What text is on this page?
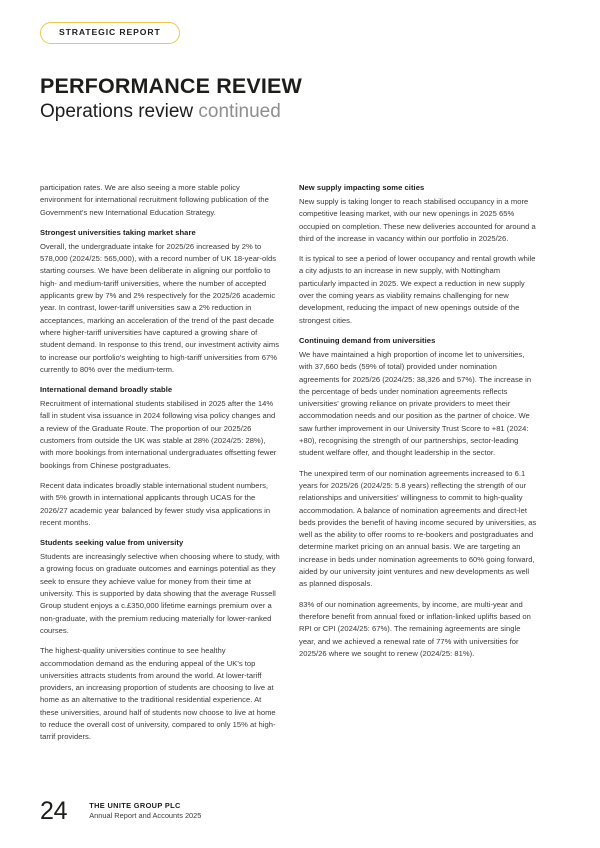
STRATEGIC REPORT
PERFORMANCE REVIEW
Operations review continued

participation rates. We are also seeing a more stable policy environment for international recruitment following publication of the Government's new International Education Strategy.

Strongest universities taking market share

Overall, the undergraduate intake for 2025/26 increased by 2% to 578,000 (2024/25: 565,000), with a record number of UK 18-year-olds starting courses. We have been deliberate in aligning our portfolio to high- and medium-tariff universities, where the number of accepted applicants grew by 7% and 2% respectively for the 2025/26 academic year. In contrast, lower-tariff universities saw a 2% reduction in acceptances, marking an acceleration of the trend of the past decade where higher-tariff universities have captured a growing share of student demand. In response to this trend, our investment activity aims to increase our portfolio's weighting to high-tariff universities from 67% currently to 80% over the medium-term.

International demand broadly stable

Recruitment of international students stabilised in 2025 after the 14% fall in student visa issuance in 2024 following visa policy changes and a review of the Graduate Route. The proportion of our 2025/26 customers from outside the UK was stable at 28% (2024/25: 28%), with more bookings from international undergraduates offsetting fewer bookings from Chinese postgraduates.

Recent data indicates broadly stable international student numbers, with 5% growth in international applicants through UCAS for the 2026/27 academic year balanced by fewer study visa applications in recent months.

Students seeking value from university

Students are increasingly selective when choosing where to study, with a growing focus on graduate outcomes and earnings potential as they seek to ensure they achieve value for money from their time at university. This is supported by data showing that the average Russell Group student enjoys a c.£350,000 lifetime earnings premium over a non-graduate, with the premium reducing materially for lower-ranked courses.

The highest-quality universities continue to see healthy accommodation demand as the enduring appeal of the UK's top universities attracts students from around the world. At lower-tariff providers, an increasing proportion of students are choosing to live at home as an alternative to the traditional residential experience. At these universities, around half of students now choose to live at home to reduce the overall cost of university, compared to only 15% at high-tarrif providers.

New supply impacting some cities

New supply is taking longer to reach stabilised occupancy in a more competitive leasing market, with our new openings in 2025 65% occupied on completion. These new deliveries accounted for around a third of the increase in vacancy within our portfolio in 2025/26.

It is typical to see a period of lower occupancy and rental growth while a city adjusts to an increase in new supply, with Nottingham particularly impacted in 2025. We expect a reduction in new supply over the coming years as viability remains challenging for new development, reducing the impact of new openings outside of the strongest cities.

Continuing demand from universities

We have maintained a high proportion of income let to universities, with 37,660 beds (59% of total) provided under nomination agreements for 2025/26 (2024/25: 38,326 and 57%). The increase in the percentage of beds under nomination agreements reflects universities' growing reliance on private providers to meet their accommodation needs and our position as the partner of choice. We saw further improvement in our University Trust Score to +81 (2024: +80), recognising the strength of our partnerships, sector-leading student welfare offer, and thought leadership in the sector.

The unexpired term of our nomination agreements increased to 6.1 years for 2025/26 (2024/25: 5.8 years) reflecting the strength of our relationships and universities' willingness to commit to high-quality accommodation. A balance of nomination agreements and direct-let beds provides the benefit of having income secured by universities, as well as the ability to offer rooms to re-bookers and postgraduates and determine market pricing on an annual basis. We are targeting an increase in beds under nomination agreements to 60% going forward, aided by our university joint ventures and new developments as well as planned disposals.

83% of our nomination agreements, by income, are multi-year and therefore benefit from annual fixed or inflation-linked uplifts based on RPI or CPI (2024/25: 67%). The remaining agreements are single year, and we achieved a renewal rate of 77% with universities for 2025/26 where we sought to renew (2024/25: 81%).

24	THE UNITE GROUP PLC
Annual Report and Accounts 2025
